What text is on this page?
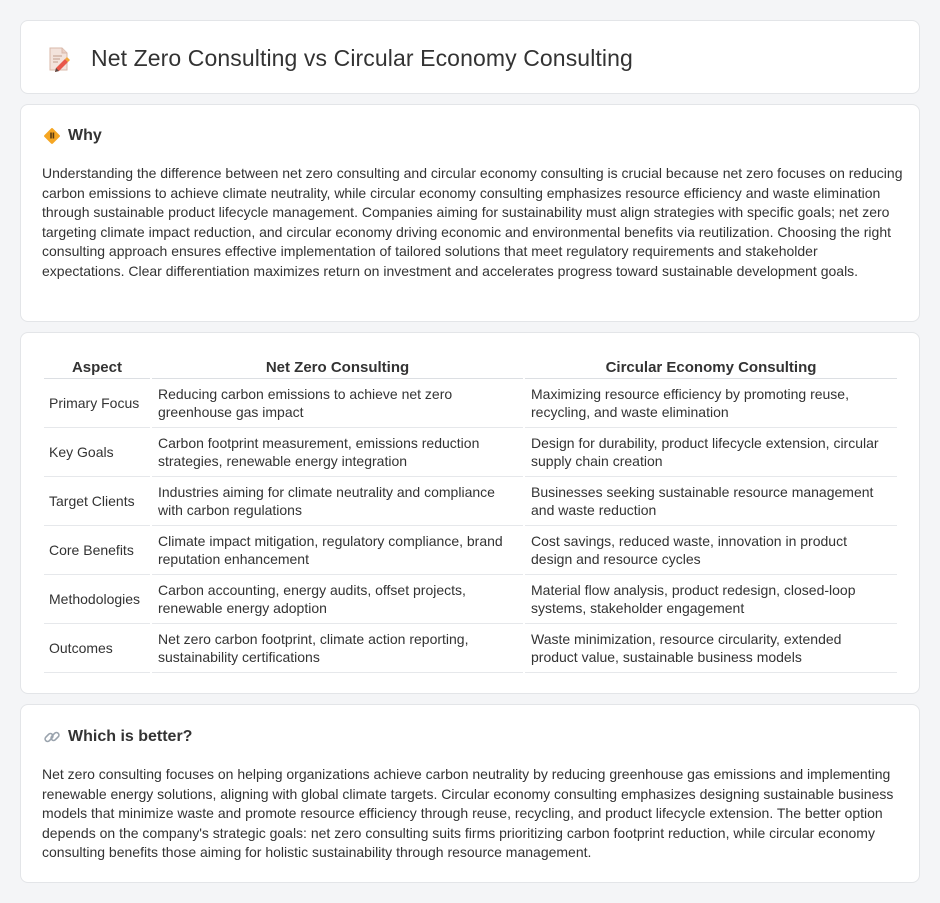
Net Zero Consulting vs Circular Economy Consulting
Why

Understanding the difference between net zero consulting and circular economy consulting is crucial because net zero focuses on reducing carbon emissions to achieve climate neutrality, while circular economy consulting emphasizes resource efficiency and waste elimination through sustainable product lifecycle management. Companies aiming for sustainability must align strategies with specific goals; net zero targeting climate impact reduction, and circular economy driving economic and environmental benefits via reutilization. Choosing the right consulting approach ensures effective implementation of tailored solutions that meet regulatory requirements and stakeholder expectations. Clear differentiation maximizes return on investment and accelerates progress toward sustainable development goals.

Aspect	Net Zero Consulting	Circular Economy Consulting
Primary Focus	Reducing carbon emissions to achieve net zero greenhouse gas impact	Maximizing resource efficiency by promoting reuse, recycling, and waste elimination
Key Goals	Carbon footprint measurement, emissions reduction strategies, renewable energy integration	Design for durability, product lifecycle extension, circular supply chain creation
Target Clients	Industries aiming for climate neutrality and compliance with carbon regulations	Businesses seeking sustainable resource management and waste reduction
Core Benefits	Climate impact mitigation, regulatory compliance, brand reputation enhancement	Cost savings, reduced waste, innovation in product design and resource cycles
Methodologies	Carbon accounting, energy audits, offset projects, renewable energy adoption	Material flow analysis, product redesign, closed-loop systems, stakeholder engagement
Outcomes	Net zero carbon footprint, climate action reporting, sustainability certifications	Waste minimization, resource circularity, extended product value, sustainable business models
Which is better?

Net zero consulting focuses on helping organizations achieve carbon neutrality by reducing greenhouse gas emissions and implementing renewable energy solutions, aligning with global climate targets. Circular economy consulting emphasizes designing sustainable business models that minimize waste and promote resource efficiency through reuse, recycling, and product lifecycle extension. The better option depends on the company's strategic goals: net zero consulting suits firms prioritizing carbon footprint reduction, while circular economy consulting benefits those aiming for holistic sustainability through resource management.
